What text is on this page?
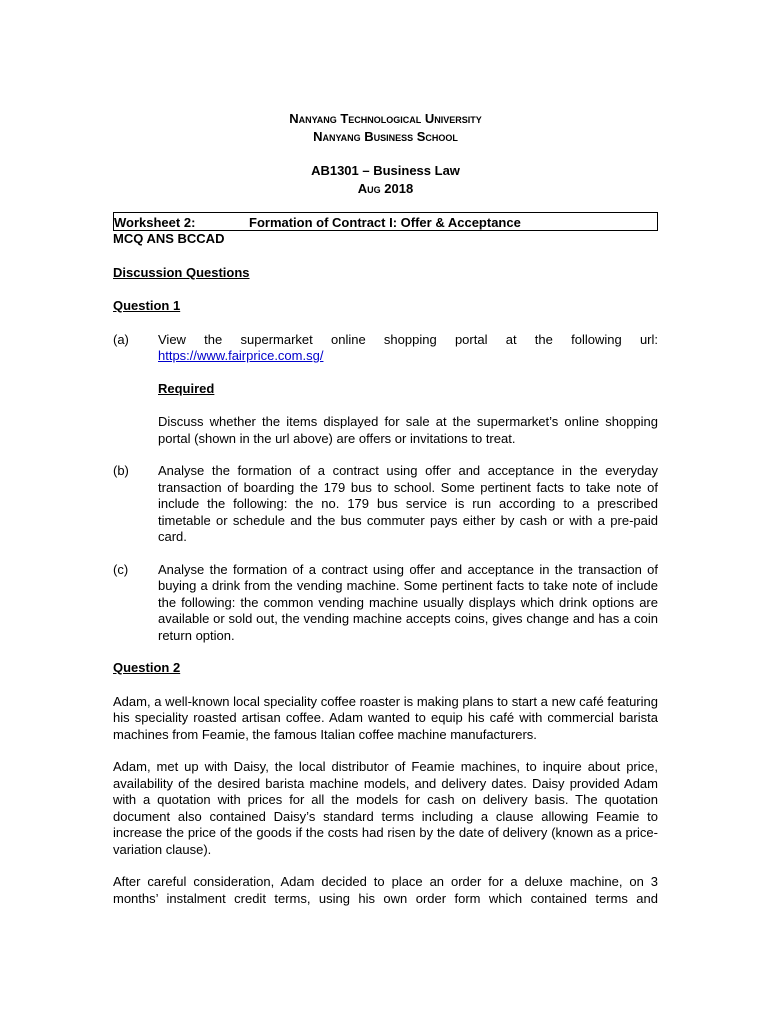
Nanyang Technological University
Nanyang Business School
AB1301 – Business Law
Aug 2018
Worksheet 2:	Formation of Contract I: Offer & Acceptance
MCQ ANS BCCAD
Discussion Questions
Question 1
(a) View the supermarket online shopping portal at the following url:

https://www.fairprice.com.sg/

Required

Discuss whether the items displayed for sale at the supermarket’s online shopping portal (shown in the url above) are offers or invitations to treat.

(b) Analyse the formation of a contract using offer and acceptance in the everyday transaction of boarding the 179 bus to school. Some pertinent facts to take note of include the following: the no. 179 bus service is run according to a prescribed timetable or schedule and the bus commuter pays either by cash or with a pre-paid card.

(c) Analyse the formation of a contract using offer and acceptance in the transaction of buying a drink from the vending machine. Some pertinent facts to take note of include the following: the common vending machine usually displays which drink options are available or sold out, the vending machine accepts coins, gives change and has a coin return option.

Question 2

Adam, a well-known local speciality coffee roaster is making plans to start a new café featuring his speciality roasted artisan coffee. Adam wanted to equip his café with commercial barista machines from Feamie, the famous Italian coffee machine manufacturers.

Adam, met up with Daisy, the local distributor of Feamie machines, to inquire about price, availability of the desired barista machine models, and delivery dates. Daisy provided Adam with a quotation with prices for all the models for cash on delivery basis. The quotation document also contained Daisy’s standard terms including a clause allowing Feamie to increase the price of the goods if the costs had risen by the date of delivery (known as a price-variation clause).

After careful consideration, Adam decided to place an order for a deluxe machine, on 3 months’ instalment credit terms, using his own order form which contained terms and
